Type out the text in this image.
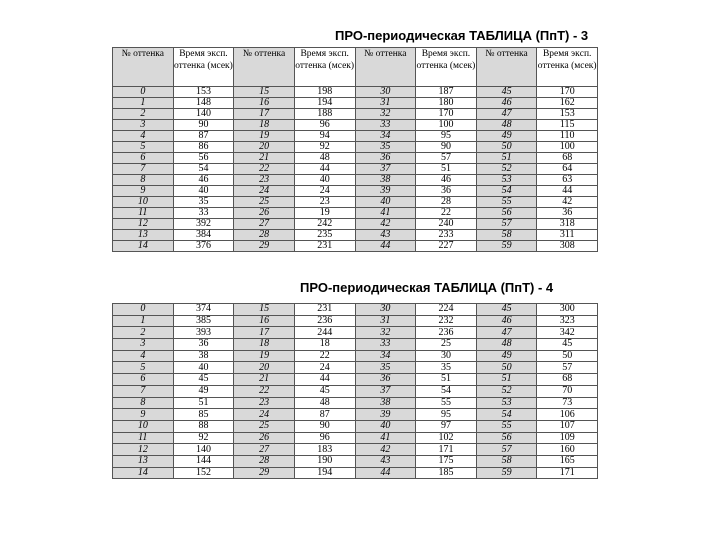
ПРО-периодическая ТАБЛИЦА (ПпТ) - 3
№ оттенка	Время экcп. оттенка (мсек)	№ оттенка	Время экcп. оттенка (мсек)	№ оттенка	Время экcп. оттенка (мсек)	№ оттенка	Время экcп. оттенка (мсек)
0	153	15	198	30	187	45	170
1	148	16	194	31	180	46	162
2	140	17	188	32	170	47	153
3	90	18	96	33	100	48	115
4	87	19	94	34	95	49	110
5	86	20	92	35	90	50	100
6	56	21	48	36	57	51	68
7	54	22	44	37	51	52	64
8	46	23	40	38	46	53	63
9	40	24	24	39	36	54	44
10	35	25	23	40	28	55	42
11	33	26	19	41	22	56	36
12	392	27	242	42	240	57	318
13	384	28	235	43	233	58	311
14	376	29	231	44	227	59	308
ПРО-периодическая ТАБЛИЦА (ПпТ) - 4
0	374	15	231	30	224	45	300
1	385	16	236	31	232	46	323
2	393	17	244	32	236	47	342
3	36	18	18	33	25	48	45
4	38	19	22	34	30	49	50
5	40	20	24	35	35	50	57
6	45	21	44	36	51	51	68
7	49	22	45	37	54	52	70
8	51	23	48	38	55	53	73
9	85	24	87	39	95	54	106
10	88	25	90	40	97	55	107
11	92	26	96	41	102	56	109
12	140	27	183	42	171	57	160
13	144	28	190	43	175	58	165
14	152	29	194	44	185	59	171
